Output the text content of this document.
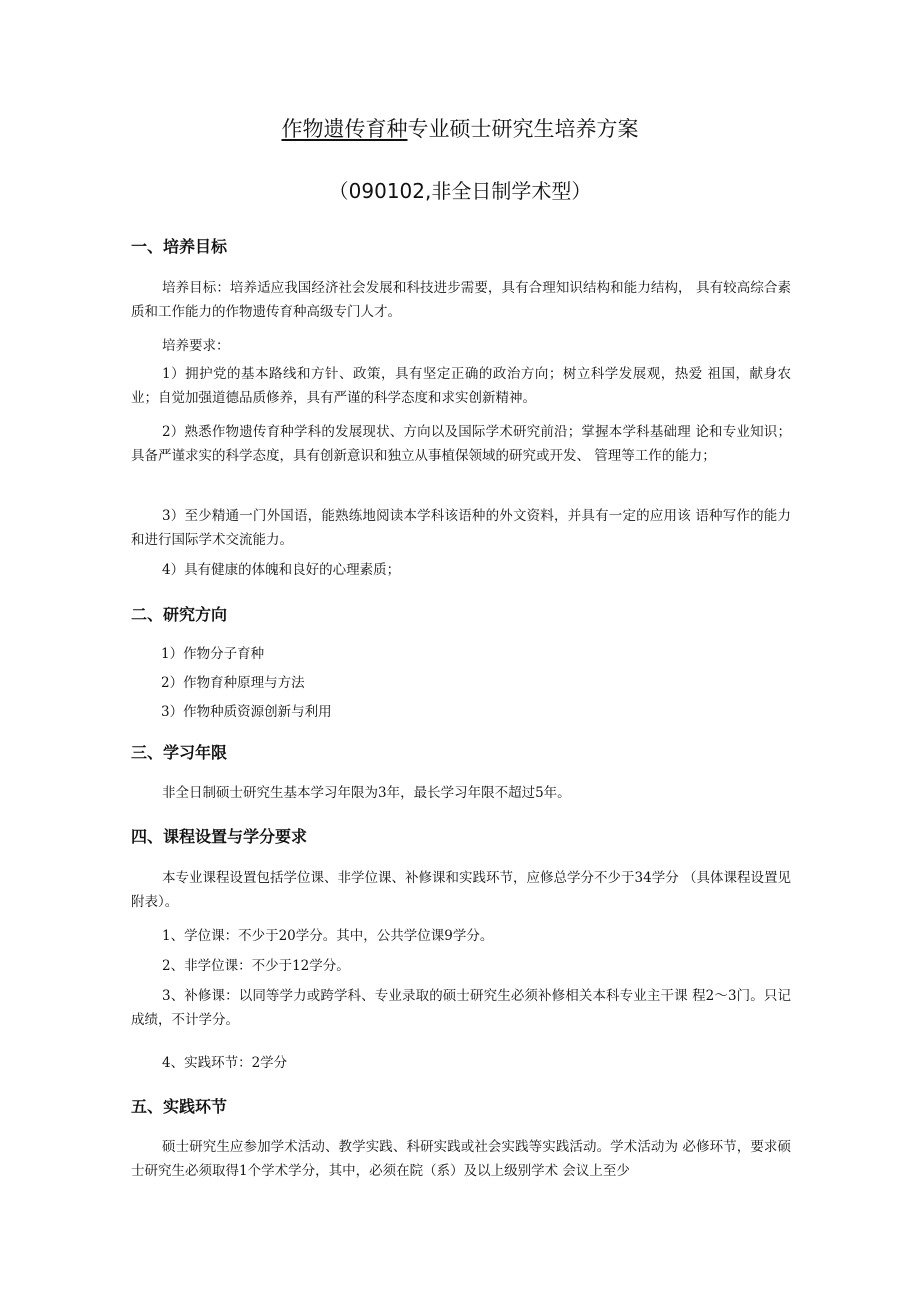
作物遗传育种专业硕士研究生培养方案
（090102,非全日制学术型）
一、培养目标
培养目标：培养适应我国经济社会发展和科技进步需要，具有合理知识结构和能力结构， 具有较高综合素质和工作能力的作物遗传育种高级专门人才。
培养要求：
1）拥护党的基本路线和方针、政策，具有坚定正确的政治方向；树立科学发展观，热爱 祖国，献身农业；自觉加强道德品质修养，具有严谨的科学态度和求实创新精神。
2）熟悉作物遗传育种学科的发展现状、方向以及国际学术研究前沿；掌握本学科基础理 论和专业知识；具备严谨求实的科学态度，具有创新意识和独立从事植保领域的研究或开发、 管理等工作的能力；
3）至少精通一门外国语，能熟练地阅读本学科该语种的外文资料，并具有一定的应用该 语种写作的能力和进行国际学术交流能力。
4）具有健康的体魄和良好的心理素质；
二、研究方向
1）作物分子育种
2）作物育种原理与方法
3）作物种质资源创新与利用
三、学习年限
非全日制硕士研究生基本学习年限为3年，最长学习年限不超过5年。
四、课程设置与学分要求
本专业课程设置包括学位课、非学位课、补修课和实践环节，应修总学分不少于34学分 （具体课程设置见附表）。
1、学位课：不少于20学分。其中，公共学位课9学分。
2、非学位课：不少于12学分。
3、补修课：以同等学力或跨学科、专业录取的硕士研究生必须补修相关本科专业主干课 程2～3门。只记成绩，不计学分。
4、实践环节：2学分
五、实践环节
硕士研究生应参加学术活动、教学实践、科研实践或社会实践等实践活动。学术活动为 必修环节，要求硕士研究生必须取得1个学术学分，其中，必须在院（系）及以上级别学术 会议上至少
